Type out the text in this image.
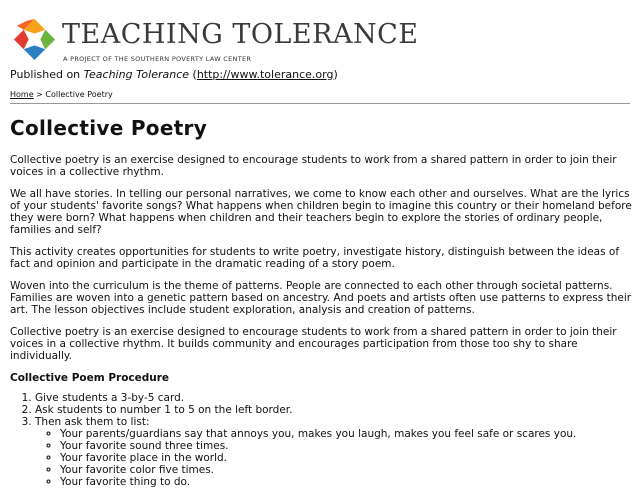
TEACHING TOLERANCE
A PROJECT OF THE SOUTHERN POVERTY LAW CENTER
Published on Teaching Tolerance (http://www.tolerance.org)
Home > Collective Poetry
Collective Poetry

Collective poetry is an exercise designed to encourage students to work from a shared pattern in order to join their voices in a collective rhythm.

We all have stories. In telling our personal narratives, we come to know each other and ourselves. What are the lyrics of your students' favorite songs? What happens when children begin to imagine this country or their homeland before they were born? What happens when children and their teachers begin to explore the stories of ordinary people, families and self?

This activity creates opportunities for students to write poetry, investigate history, distinguish between the ideas of fact and opinion and participate in the dramatic reading of a story poem.

Woven into the curriculum is the theme of patterns. People are connected to each other through societal patterns. Families are woven into a genetic pattern based on ancestry. And poets and artists often use patterns to express their art. The lesson objectives include student exploration, analysis and creation of patterns.

Collective poetry is an exercise designed to encourage students to work from a shared pattern in order to join their voices in a collective rhythm. It builds community and encourages participation from those too shy to share individually.

Collective Poem Procedure
1. Give students a 3-by-5 card.
2. Ask students to number 1 to 5 on the left border.
3. Then ask them to list:
◦ Your parents/guardians say that annoys you, makes you laugh, makes you feel safe or scares you.
◦ Your favorite sound three times.
◦ Your favorite place in the world.
◦ Your favorite color five times.
◦ Your favorite thing to do.
